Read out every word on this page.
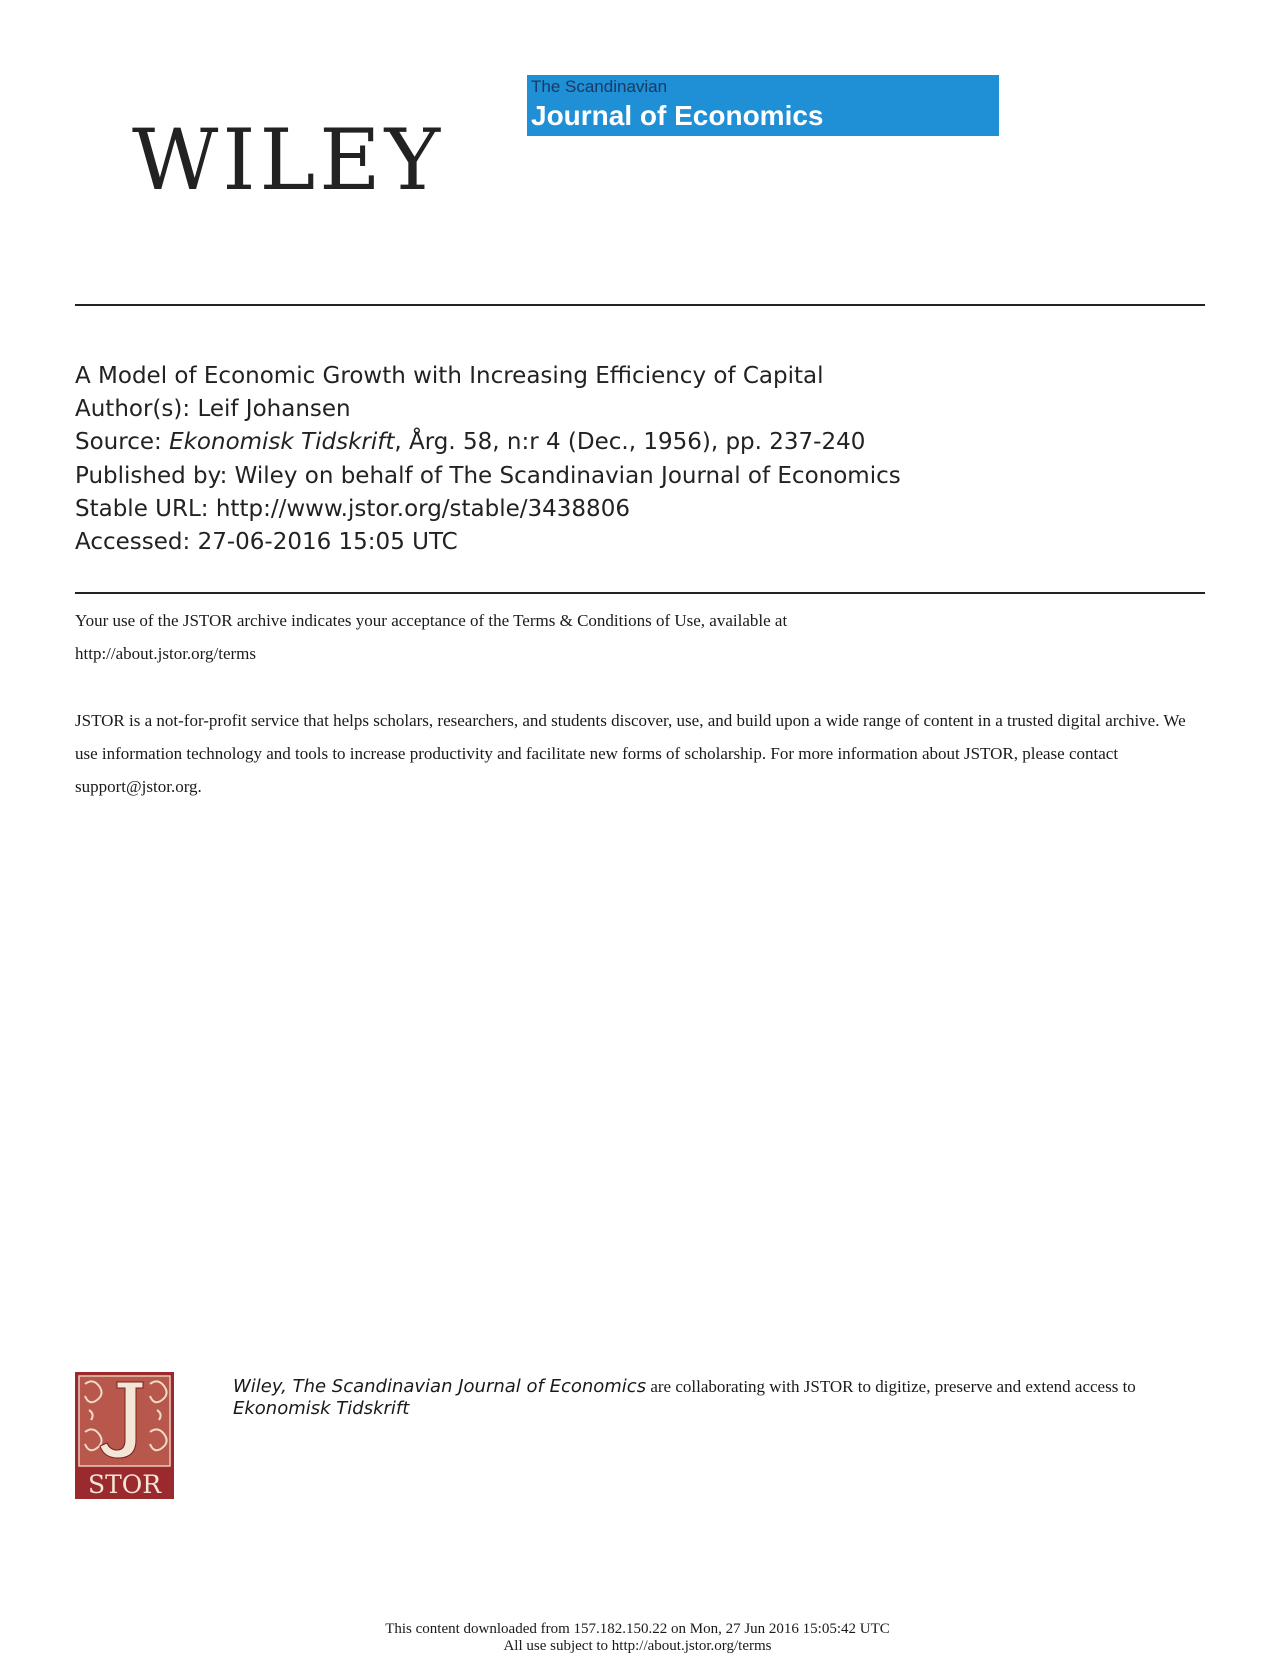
WILEY
The Scandinavian
Journal of Economics
A Model of Economic Growth with Increasing Efficiency of Capital
Author(s): Leif Johansen
Source: Ekonomisk Tidskrift, Årg. 58, n:r 4 (Dec., 1956), pp. 237-240
Published by: Wiley on behalf of The Scandinavian Journal of Economics
Stable URL: http://www.jstor.org/stable/3438806
Accessed: 27-06-2016 15:05 UTC
Your use of the JSTOR archive indicates your acceptance of the Terms & Conditions of Use, available at
http://about.jstor.org/terms
JSTOR is a not-for-profit service that helps scholars, researchers, and students discover, use, and build upon a wide range of content in a trusted digital archive. We use information technology and tools to increase productivity and facilitate new forms of scholarship. For more information about JSTOR, please contact support@jstor.org.
STOR
Wiley, The Scandinavian Journal of Economics are collaborating with JSTOR to digitize, preserve and extend access to Ekonomisk Tidskrift
This content downloaded from 157.182.150.22 on Mon, 27 Jun 2016 15:05:42 UTC
All use subject to http://about.jstor.org/terms
